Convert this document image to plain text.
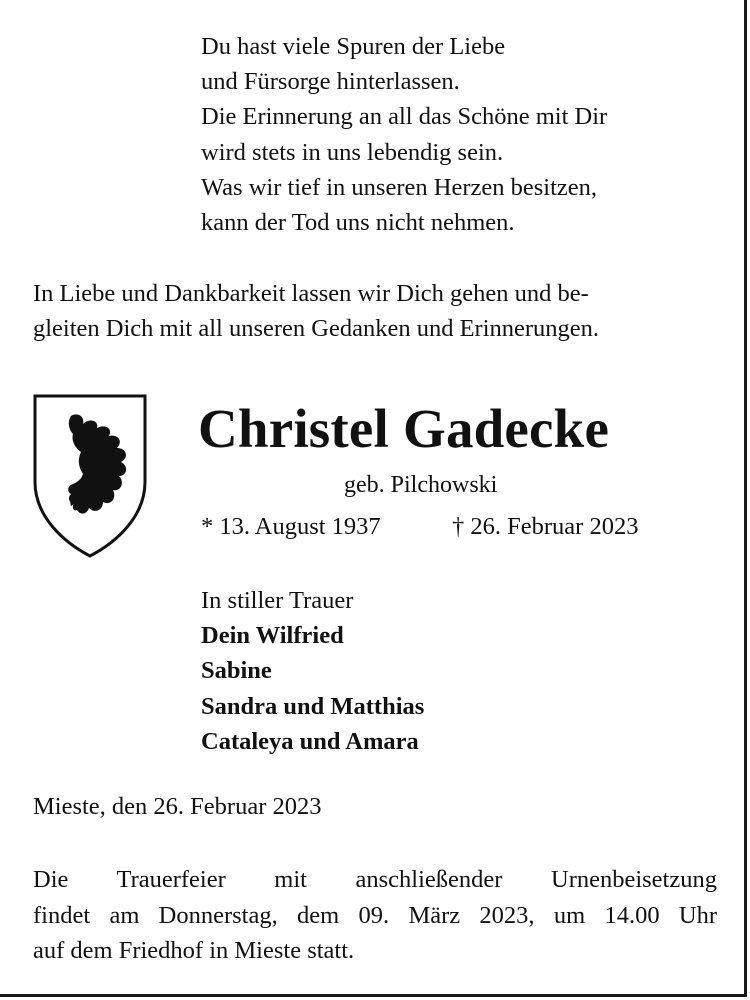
Du hast viele Spuren der Liebe
und Fürsorge hinterlassen.
Die Erinnerung an all das Schöne mit Dir
wird stets in uns lebendig sein.
Was wir tief in unseren Herzen besitzen,
kann der Tod uns nicht nehmen.
In Liebe und Dankbarkeit lassen wir Dich gehen und be-
gleiten Dich mit all unseren Gedanken und Erinnerungen.
Christel Gadecke
geb. Pilchowski
* 13. August 1937	† 26. Februar 2023
In stiller Trauer
Dein Wilfried
Sabine
Sandra und Matthias
Cataleya und Amara
Mieste, den 26. Februar 2023
Die Trauerfeier mit anschließender Urnenbeisetzung
findet am Donnerstag, dem 09. März 2023, um 14.00 Uhr
auf dem Friedhof in Mieste statt.
